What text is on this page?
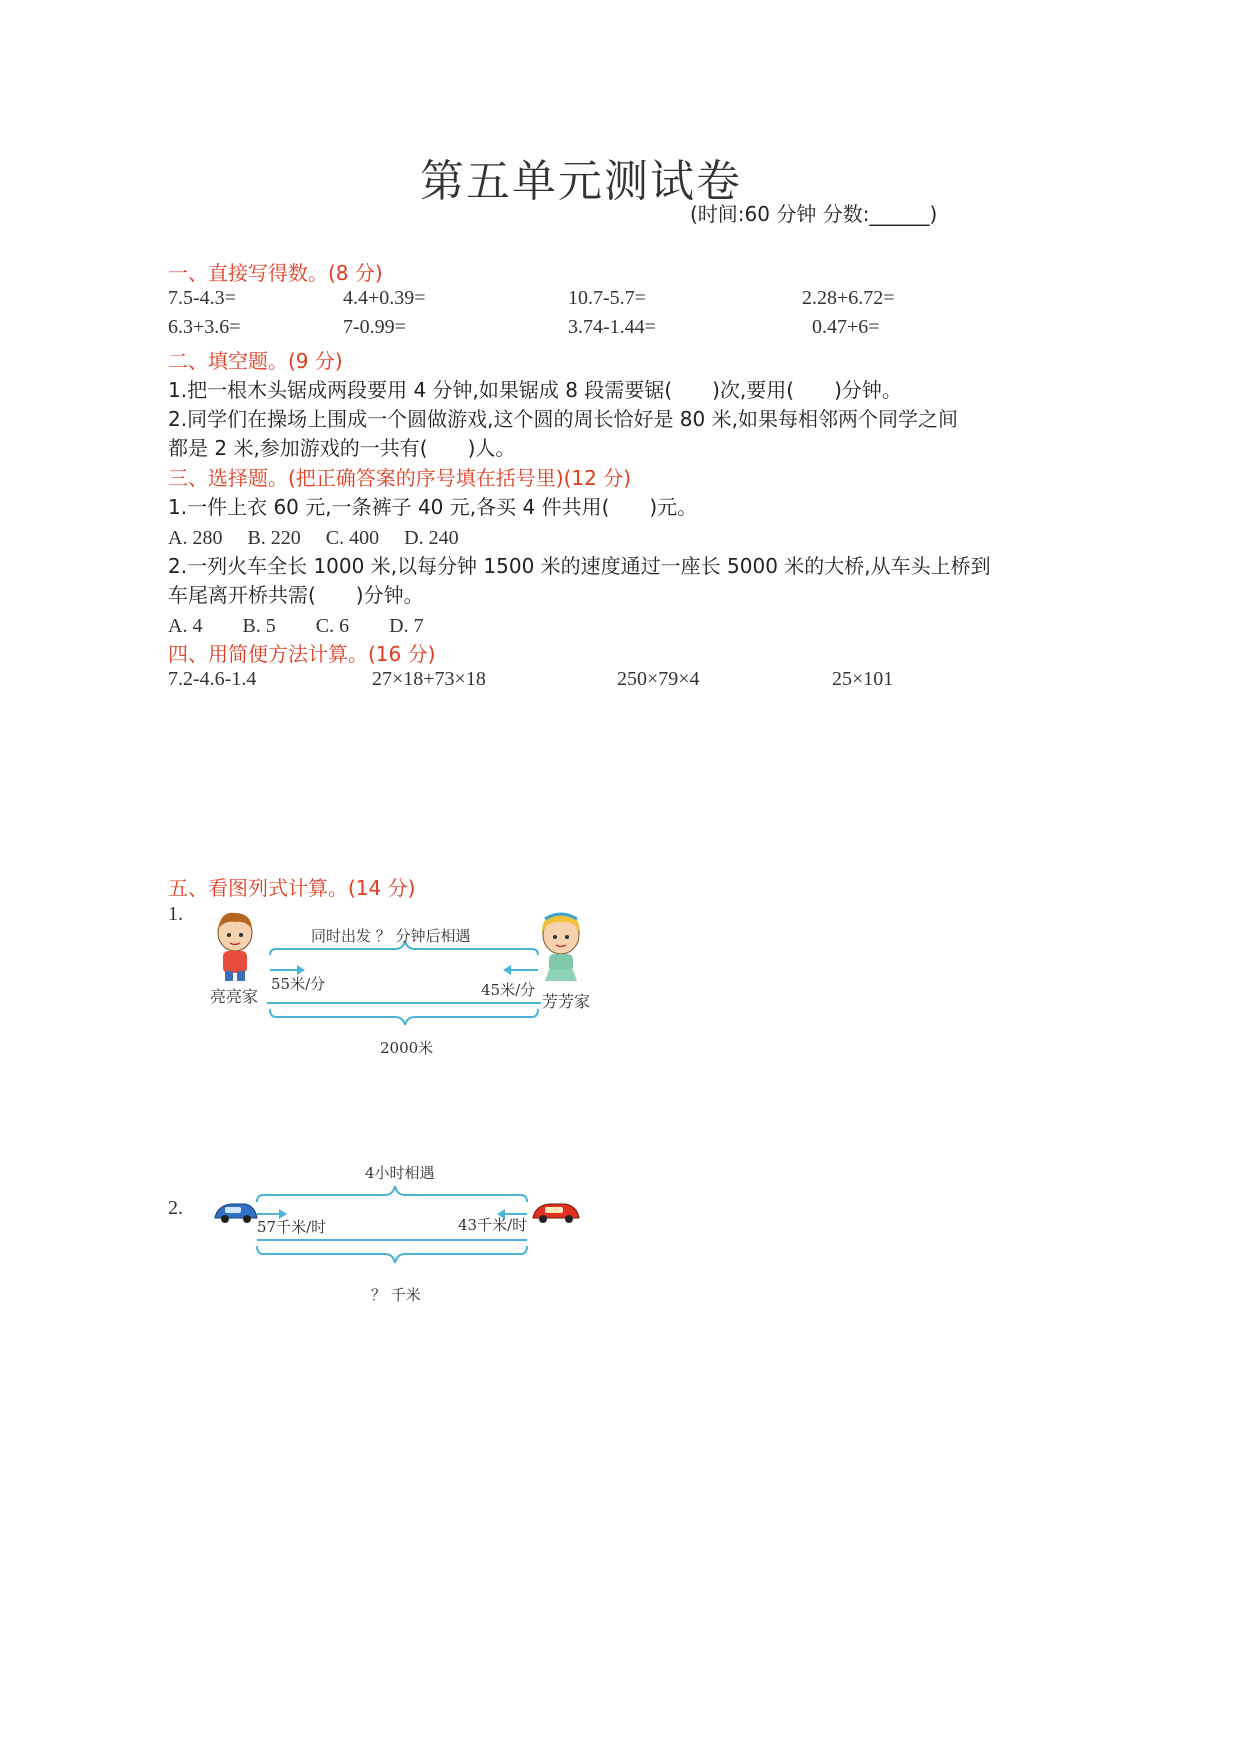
第五单元测试卷
(时间:60 分钟 分数:______)
一、直接写得数。(8 分)
7.5-4.3=	4.4+0.39=	10.7-5.7=	2.28+6.72=
6.3+3.6=	7-0.99=	3.74-1.44=	0.47+6=
二、填空题。(9 分)
1.把一根木头锯成两段要用 4 分钟,如果锯成 8 段需要锯(　　)次,要用(　　)分钟。
2.同学们在操场上围成一个圆做游戏,这个圆的周长恰好是 80 米,如果每相邻两个同学之间
都是 2 米,参加游戏的一共有(　　)人。
三、选择题。(把正确答案的序号填在括号里)(12 分)
1.一件上衣 60 元,一条裤子 40 元,各买 4 件共用(　　)元。
A. 280　 B. 220　 C. 400　 D. 240
2.一列火车全长 1000 米,以每分钟 1500 米的速度通过一座长 5000 米的大桥,从车头上桥到
车尾离开桥共需(　　)分钟。
A. 4　　B. 5　　C. 6　　D. 7
四、用简便方法计算。(16 分)
7.2-4.6-1.4	27×18+73×18	250×79×4	25×101
五、看图列式计算。(14 分)
1.
同时出发 ？ 分钟后相遇
55米/分	45米/分
2000米
亮亮家	芳芳家
2.
4小时相遇
57千米/时	43千米/时
？ 千米
